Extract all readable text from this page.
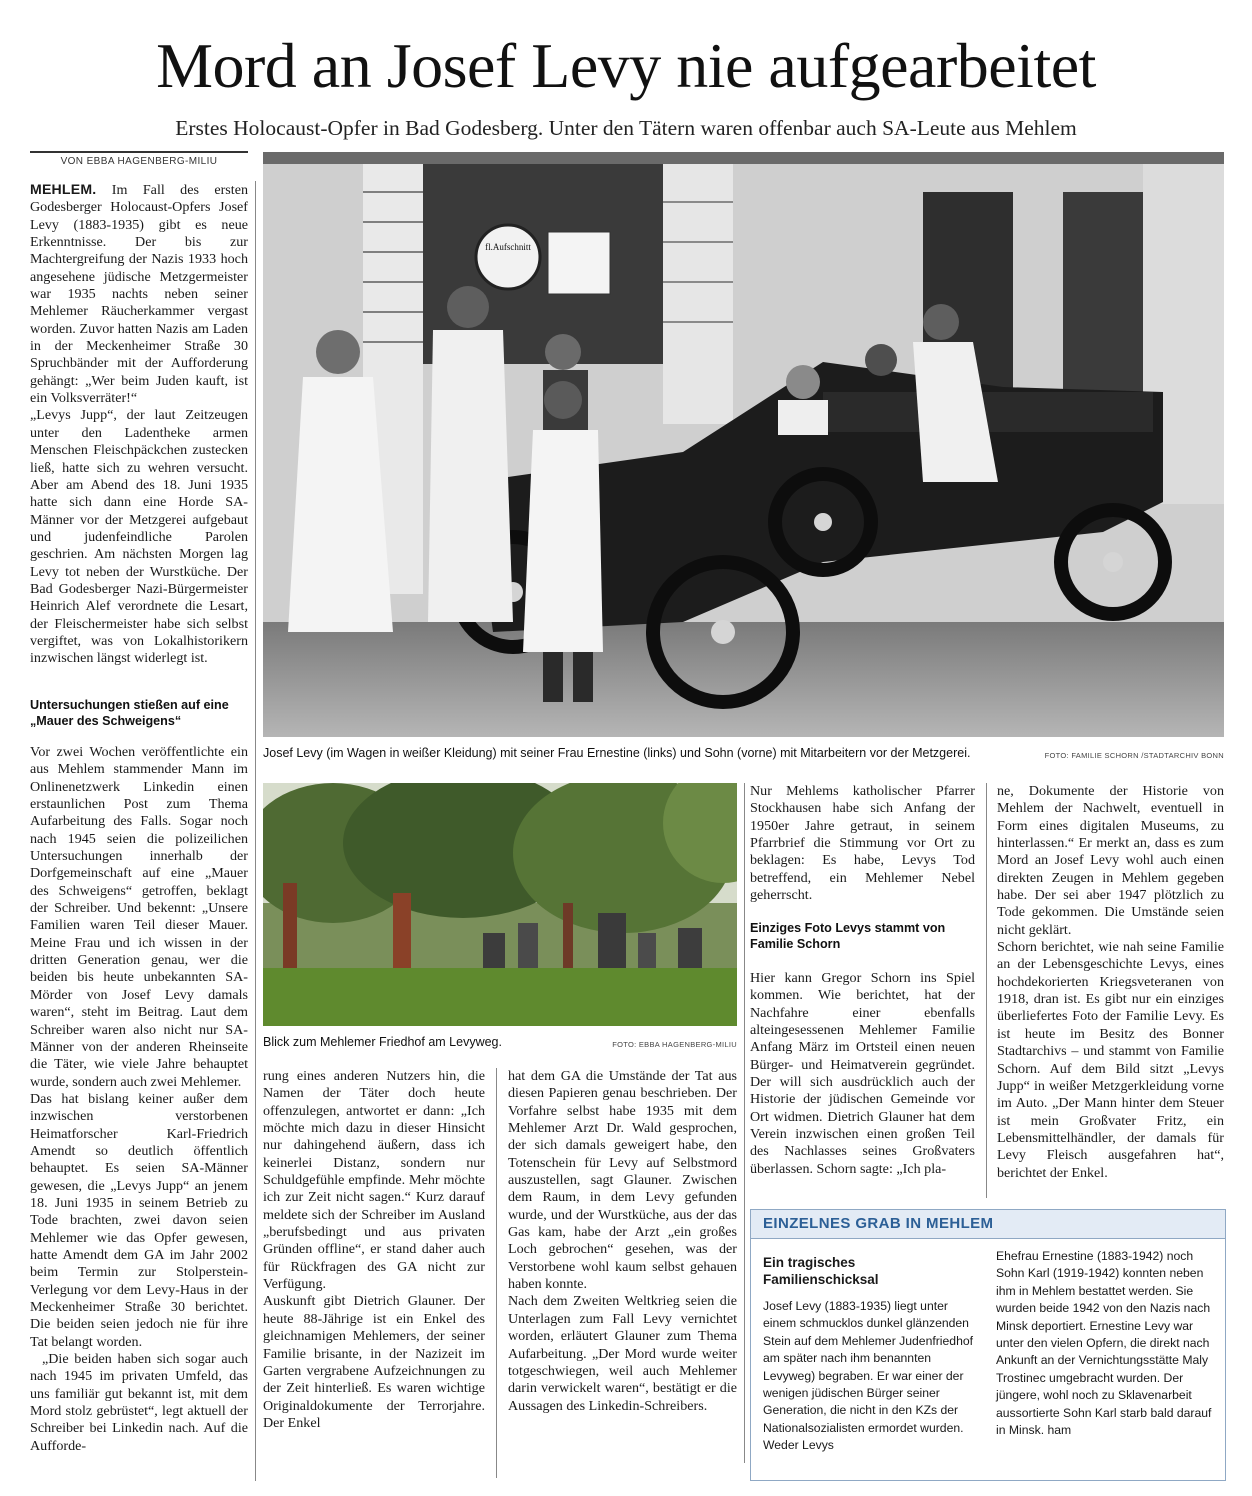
Mord an Josef Levy nie aufgearbeitet
Erstes Holocaust-Opfer in Bad Godesberg. Unter den Tätern waren offenbar auch SA-Leute aus Mehlem
VON EBBA HAGENBERG-MILIU

MEHLEM. Im Fall des ersten Godesberger Holocaust-Opfers Josef Levy (1883-1935) gibt es neue Erkenntnisse. Der bis zur Machtergreifung der Nazis 1933 hoch angesehene jüdische Metzgermeister war 1935 nachts neben seiner Mehlemer Räucherkammer vergast worden. Zuvor hatten Nazis am Laden in der Meckenheimer Straße 30 Spruchbänder mit der Aufforderung gehängt: „Wer beim Juden kauft, ist ein Volksverräter!“

„Levys Jupp“, der laut Zeitzeugen unter den Ladentheke armen Menschen Fleischpäckchen zustecken ließ, hatte sich zu wehren versucht. Aber am Abend des 18. Juni 1935 hatte sich dann eine Horde SA-Männer vor der Metzgerei aufgebaut und judenfeindliche Parolen geschrien. Am nächsten Morgen lag Levy tot neben der Wurstküche. Der Bad Godesberger Nazi-Bürgermeister Heinrich Alef verordnete die Lesart, der Fleischermeister habe sich selbst vergiftet, was von Lokalhistorikern inzwischen längst widerlegt ist.

Untersuchungen stießen auf eine „Mauer des Schweigens“

Vor zwei Wochen veröffentlichte ein aus Mehlem stammender Mann im Onlinenetzwerk Linkedin einen erstaunlichen Post zum Thema Aufarbeitung des Falls. Sogar noch nach 1945 seien die polizeilichen Untersuchungen innerhalb der Dorfgemeinschaft auf eine „Mauer des Schweigens“ getroffen, beklagt der Schreiber. Und bekennt: „Unsere Familien waren Teil dieser Mauer. Meine Frau und ich wissen in der dritten Generation genau, wer die beiden bis heute unbekannten SA-Mörder von Josef Levy damals waren“, steht im Beitrag. Laut dem Schreiber waren also nicht nur SA-Männer von der anderen Rheinseite die Täter, wie viele Jahre behauptet wurde, sondern auch zwei Mehlemer.

Das hat bislang keiner außer dem inzwischen verstorbenen Heimatforscher Karl-Friedrich Amendt so deutlich öffentlich behauptet. Es seien SA-Männer gewesen, die „Levys Jupp“ an jenem 18. Juni 1935 in seinem Betrieb zu Tode brachten, zwei davon seien Mehlemer wie das Opfer gewesen, hatte Amendt dem GA im Jahr 2002 beim Termin zur Stolperstein-Verlegung vor dem Levy-Haus in der Meckenheimer Straße 30 berichtet. Die beiden seien jedoch nie für ihre Tat belangt worden.

„Die beiden haben sich sogar auch nach 1945 im privaten Umfeld, das uns familiär gut bekannt ist, mit dem Mord stolz gebrüstet“, legt aktuell der Schreiber bei Linkedin nach. Auf die Aufforde-

fl.Aufschnitt
Josef Levy (im Wagen in weißer Kleidung) mit seiner Frau Ernestine (links) und Sohn (vorne) mit Mitarbeitern vor der Metzgerei.	FOTO: FAMILIE SCHORN /STADTARCHIV BONN
Blick zum Mehlemer Friedhof am Levyweg.	FOTO: EBBA HAGENBERG-MILIU

rung eines anderen Nutzers hin, die Namen der Täter doch heute offenzulegen, antwortet er dann: „Ich möchte mich dazu in dieser Hinsicht nur dahingehend äußern, dass ich keinerlei Distanz, sondern nur Schuldgefühle empfinde. Mehr möchte ich zur Zeit nicht sagen.“ Kurz darauf meldete sich der Schreiber im Ausland „berufsbedingt und aus privaten Gründen offline“, er stand daher auch für Rückfragen des GA nicht zur Verfügung.

Auskunft gibt Dietrich Glauner. Der heute 88-Jährige ist ein Enkel des gleichnamigen Mehlemers, der seiner Familie brisante, in der Nazizeit im Garten vergrabene Aufzeichnungen zu der Zeit hinterließ. Es waren wichtige Originaldokumente der Terrorjahre. Der Enkel

hat dem GA die Umstände der Tat aus diesen Papieren genau beschrieben. Der Vorfahre selbst habe 1935 mit dem Mehlemer Arzt Dr. Wald gesprochen, der sich damals geweigert habe, den Totenschein für Levy auf Selbstmord auszustellen, sagt Glauner. Zwischen dem Raum, in dem Levy gefunden wurde, und der Wurstküche, aus der das Gas kam, habe der Arzt „ein großes Loch gebrochen“ gesehen, was der Verstorbene wohl kaum selbst gehauen haben konnte.

Nach dem Zweiten Weltkrieg seien die Unterlagen zum Fall Levy vernichtet worden, erläutert Glauner zum Thema Aufarbeitung. „Der Mord wurde weiter totgeschwiegen, weil auch Mehlemer darin verwickelt waren“, bestätigt er die Aussagen des Linkedin-Schreibers.

Nur Mehlems katholischer Pfarrer Stockhausen habe sich Anfang der 1950er Jahre getraut, in seinem Pfarrbrief die Stimmung vor Ort zu beklagen: Es habe, Levys Tod betreffend, ein Mehlemer Nebel geherrscht.

Einziges Foto Levys stammt von Familie Schorn

Hier kann Gregor Schorn ins Spiel kommen. Wie berichtet, hat der Nachfahre einer ebenfalls alteingesessenen Mehlemer Familie Anfang März im Ortsteil einen neuen Bürger- und Heimatverein gegründet. Der will sich ausdrücklich auch der Historie der jüdischen Gemeinde vor Ort widmen. Dietrich Glauner hat dem Verein inzwischen einen großen Teil des Nachlasses seines Großvaters überlassen. Schorn sagte: „Ich pla-

ne, Dokumente der Historie von Mehlem der Nachwelt, eventuell in Form eines digitalen Museums, zu hinterlassen.“ Er merkt an, dass es zum Mord an Josef Levy wohl auch einen direkten Zeugen in Mehlem gegeben habe. Der sei aber 1947 plötzlich zu Tode gekommen. Die Umstände seien nicht geklärt.

Schorn berichtet, wie nah seine Familie an der Lebensgeschichte Levys, eines hochdekorierten Kriegsveteranen von 1918, dran ist. Es gibt nur ein einziges überliefertes Foto der Familie Levy. Es ist heute im Besitz des Bonner Stadtarchivs – und stammt von Familie Schorn. Auf dem Bild sitzt „Levys Jupp“ in weißer Metzgerkleidung vorne im Auto. „Der Mann hinter dem Steuer ist mein Großvater Fritz, ein Lebensmittelhändler, der damals für Levy Fleisch ausgefahren hat“, berichtet der Enkel.

EINZELNES GRAB IN MEHLEM
Ein tragisches Familienschicksal
Josef Levy (1883-1935) liegt unter einem schmucklos dunkel glänzenden Stein auf dem Mehlemer Judenfriedhof am später nach ihm benannten Levyweg) begraben. Er war einer der wenigen jüdischen Bürger seiner Generation, die nicht in den KZs der Nationalsozialisten ermordet wurden. Weder Levys
Ehefrau Ernestine (1883-1942) noch Sohn Karl (1919-1942) konnten neben ihm in Mehlem bestattet werden. Sie wurden beide 1942 von den Nazis nach Minsk deportiert. Ernestine Levy war unter den vielen Opfern, die direkt nach Ankunft an der Vernichtungsstätte Maly Trostinec umgebracht wurden. Der jüngere, wohl noch zu Sklavenarbeit aussortierte Sohn Karl starb bald darauf in Minsk. ham
